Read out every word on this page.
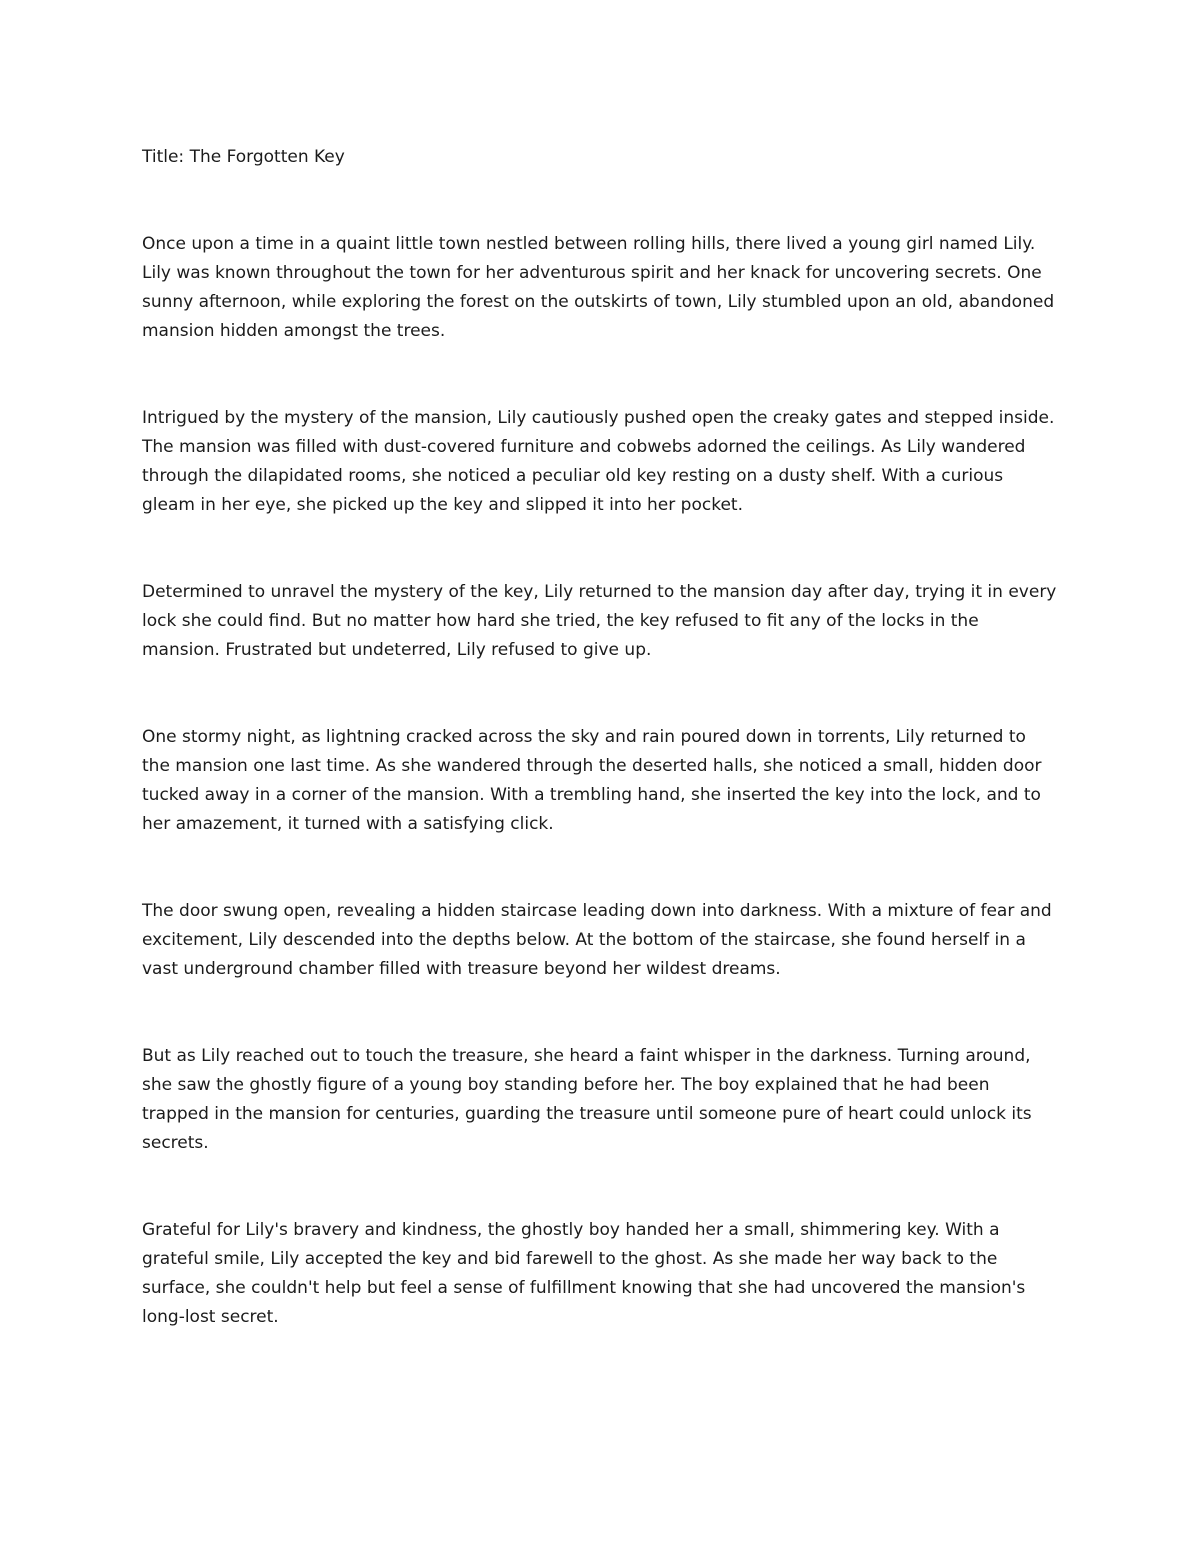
Title: The Forgotten Key

Once upon a time in a quaint little town nestled between rolling hills, there lived a young girl named Lily. Lily was known throughout the town for her adventurous spirit and her knack for uncovering secrets. One sunny afternoon, while exploring the forest on the outskirts of town, Lily stumbled upon an old, abandoned mansion hidden amongst the trees.

Intrigued by the mystery of the mansion, Lily cautiously pushed open the creaky gates and stepped inside. The mansion was filled with dust-covered furniture and cobwebs adorned the ceilings. As Lily wandered through the dilapidated rooms, she noticed a peculiar old key resting on a dusty shelf. With a curious gleam in her eye, she picked up the key and slipped it into her pocket.

Determined to unravel the mystery of the key, Lily returned to the mansion day after day, trying it in every lock she could find. But no matter how hard she tried, the key refused to fit any of the locks in the mansion. Frustrated but undeterred, Lily refused to give up.

One stormy night, as lightning cracked across the sky and rain poured down in torrents, Lily returned to the mansion one last time. As she wandered through the deserted halls, she noticed a small, hidden door tucked away in a corner of the mansion. With a trembling hand, she inserted the key into the lock, and to her amazement, it turned with a satisfying click.

The door swung open, revealing a hidden staircase leading down into darkness. With a mixture of fear and excitement, Lily descended into the depths below. At the bottom of the staircase, she found herself in a vast underground chamber filled with treasure beyond her wildest dreams.

But as Lily reached out to touch the treasure, she heard a faint whisper in the darkness. Turning around, she saw the ghostly figure of a young boy standing before her. The boy explained that he had been trapped in the mansion for centuries, guarding the treasure until someone pure of heart could unlock its secrets.

Grateful for Lily's bravery and kindness, the ghostly boy handed her a small, shimmering key. With a grateful smile, Lily accepted the key and bid farewell to the ghost. As she made her way back to the surface, she couldn't help but feel a sense of fulfillment knowing that she had uncovered the mansion's long-lost secret.
